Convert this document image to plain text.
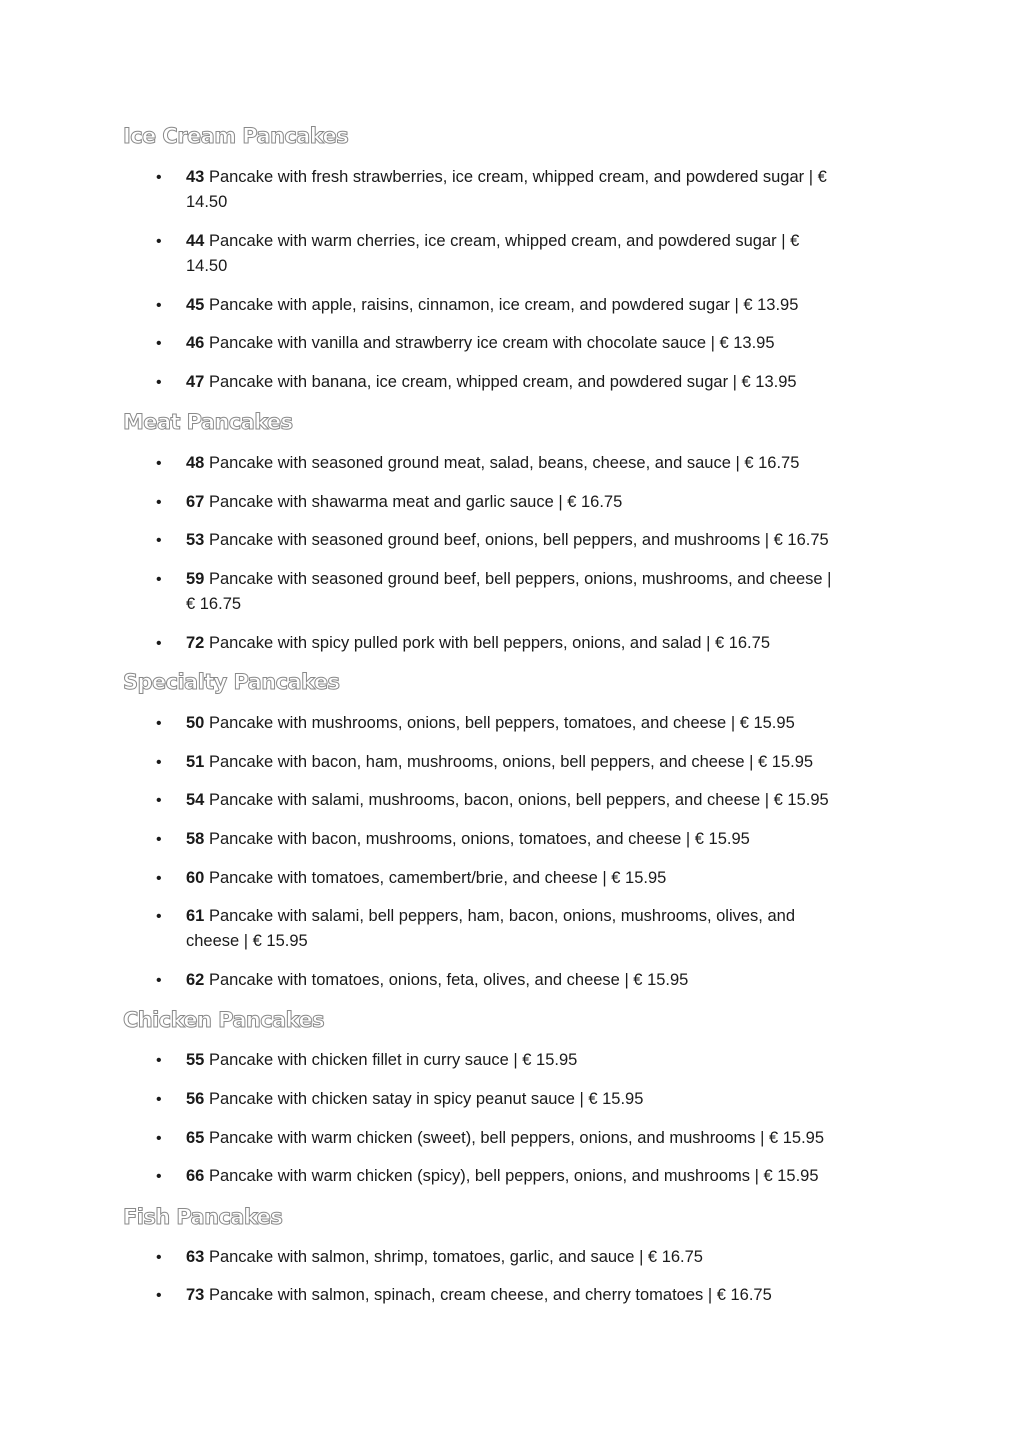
Ice Cream Pancakes

• 43 Pancake with fresh strawberries, ice cream, whipped cream, and powdered sugar | €
14.50

• 44 Pancake with warm cherries, ice cream, whipped cream, and powdered sugar | €
14.50

• 45 Pancake with apple, raisins, cinnamon, ice cream, and powdered sugar | € 13.95

• 46 Pancake with vanilla and strawberry ice cream with chocolate sauce | € 13.95

• 47 Pancake with banana, ice cream, whipped cream, and powdered sugar | € 13.95

Meat Pancakes

• 48 Pancake with seasoned ground meat, salad, beans, cheese, and sauce | € 16.75

• 67 Pancake with shawarma meat and garlic sauce | € 16.75

• 53 Pancake with seasoned ground beef, onions, bell peppers, and mushrooms | € 16.75

• 59 Pancake with seasoned ground beef, bell peppers, onions, mushrooms, and cheese |
€ 16.75

• 72 Pancake with spicy pulled pork with bell peppers, onions, and salad | € 16.75

Specialty Pancakes

• 50 Pancake with mushrooms, onions, bell peppers, tomatoes, and cheese | € 15.95

• 51 Pancake with bacon, ham, mushrooms, onions, bell peppers, and cheese | € 15.95

• 54 Pancake with salami, mushrooms, bacon, onions, bell peppers, and cheese | € 15.95

• 58 Pancake with bacon, mushrooms, onions, tomatoes, and cheese | € 15.95

• 60 Pancake with tomatoes, camembert/brie, and cheese | € 15.95

• 61 Pancake with salami, bell peppers, ham, bacon, onions, mushrooms, olives, and
cheese | € 15.95

• 62 Pancake with tomatoes, onions, feta, olives, and cheese | € 15.95

Chicken Pancakes

• 55 Pancake with chicken fillet in curry sauce | € 15.95

• 56 Pancake with chicken satay in spicy peanut sauce | € 15.95

• 65 Pancake with warm chicken (sweet), bell peppers, onions, and mushrooms | € 15.95

• 66 Pancake with warm chicken (spicy), bell peppers, onions, and mushrooms | € 15.95

Fish Pancakes

• 63 Pancake with salmon, shrimp, tomatoes, garlic, and sauce | € 16.75

• 73 Pancake with salmon, spinach, cream cheese, and cherry tomatoes | € 16.75
